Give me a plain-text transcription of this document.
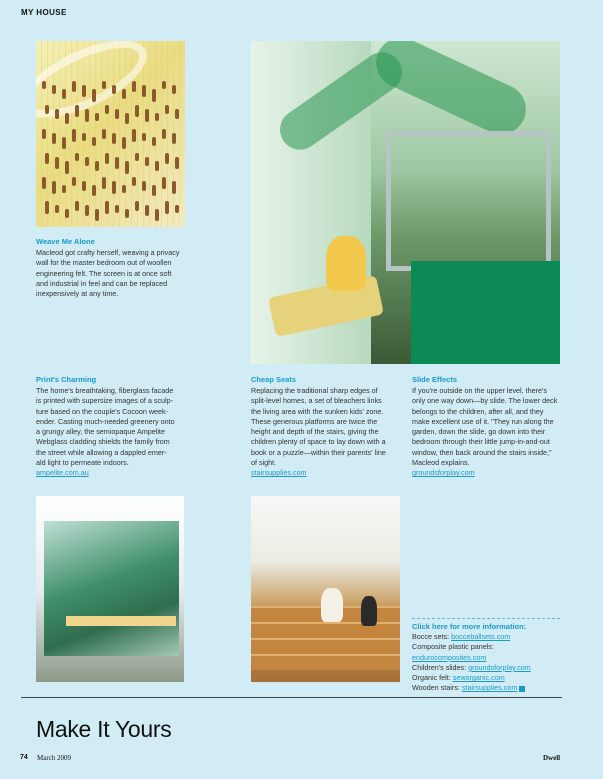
MY HOUSE
Weave Me Alone
Macleod got crafty herself, weaving a privacy
wall for the master bedroom out of woollen
engineering felt. The screen is at once soft
and industrial in feel and can be replaced
inexpensively at any time.
Print's Charming
The home's breathtaking, fiberglass facade
is printed with supersize images of a sculp-
ture based on the couple's Cocoon week-
ender. Casting much-needed greenery onto
a grungy alley, the semiopaque Ampelite
Webglass cladding shields the family from
the street while allowing a dappled emer-
ald light to permeate indoors.
ampelite.com.au
Cheap Seats
Replacing the traditional sharp edges of
split-level homes, a set of bleachers links
the living area with the sunken kids' zone.
These generous platforms are twice the
height and depth of the stairs, giving the
children plenty of space to lay down with a
book or a puzzle—within their parents' line
of sight.
stairsupplies.com
Slide Effects
If you're outside on the upper level, there's
only one way down—by slide. The lower deck
belongs to the children, after all, and they
make excellent use of it. "They run along the
garden, down the slide, go down into their
bedroom through their little jump-in-and-out
window, then back around the stairs inside,"
Macleod explains.
groundsforplay.com
Click here for more information:
Bocce sets: bocceballsets.com
Composite plastic panels:
endurocomposites.com
Children's slides: groundsforplay.com
Organic felt: seworganic.com
Wooden stairs: stairsupplies.com
Make It Yours
74 March 2009	Dwell
